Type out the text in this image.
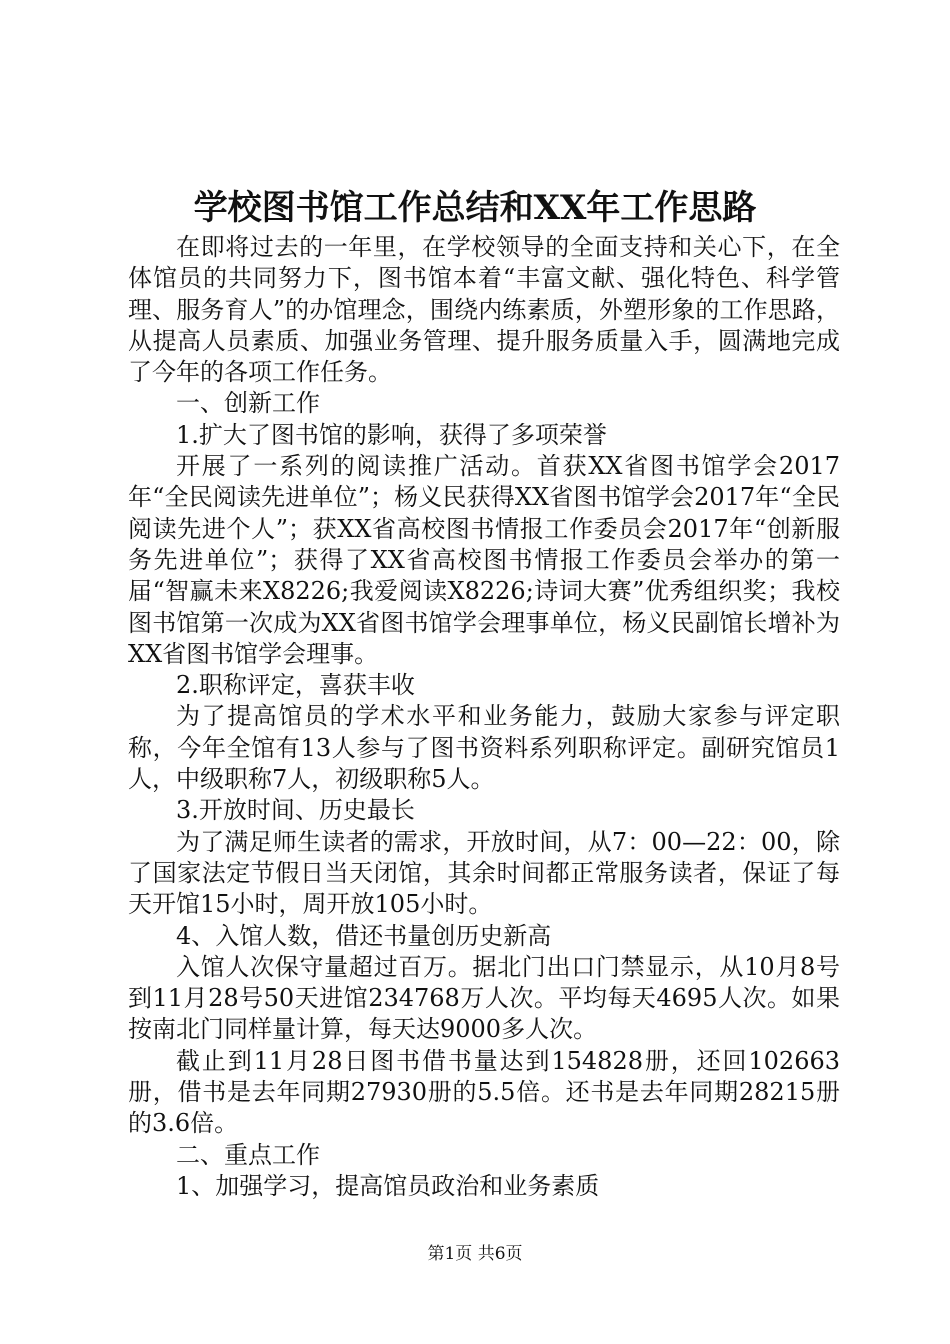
学校图书馆工作总结和XX年工作思路

在即将过去的一年里，在学校领导的全面支持和关心下，在全体馆员的共同努力下，图书馆本着“丰富文献、强化特色、科学管理、服务育人”的办馆理念，围绕内练素质，外塑形象的工作思路，从提高人员素质、加强业务管理、提升服务质量入手，圆满地完成了今年的各项工作任务。

一、创新工作

1.扩大了图书馆的影响，获得了多项荣誉

开展了一系列的阅读推广活动。首获XX省图书馆学会2017年“全民阅读先进单位”；杨义民获得XX省图书馆学会2017年“全民阅读先进个人”；获XX省高校图书情报工作委员会2017年“创新服务先进单位”；获得了XX省高校图书情报工作委员会举办的第一届“智赢未来X8226;我爱阅读X8226;诗词大赛”优秀组织奖；我校图书馆第一次成为XX省图书馆学会理事单位，杨义民副馆长增补为XX省图书馆学会理事。

2.职称评定，喜获丰收

为了提高馆员的学术水平和业务能力，鼓励大家参与评定职称，今年全馆有13人参与了图书资料系列职称评定。副研究馆员1人，中级职称7人，初级职称5人。

3.开放时间、历史最长

为了满足师生读者的需求，开放时间，从7：00—22：00，除了国家法定节假日当天闭馆，其余时间都正常服务读者，保证了每天开馆15小时，周开放105小时。

4、入馆人数，借还书量创历史新高

入馆人次保守量超过百万。据北门出口门禁显示，从10月8号到11月28号50天进馆234768万人次。平均每天4695人次。如果按南北门同样量计算，每天达9000多人次。

截止到11月28日图书借书量达到154828册，还回102663册，借书是去年同期27930册的5.5倍。还书是去年同期28215册的3.6倍。

二、重点工作

1、加强学习，提高馆员政治和业务素质

第1页 共6页
